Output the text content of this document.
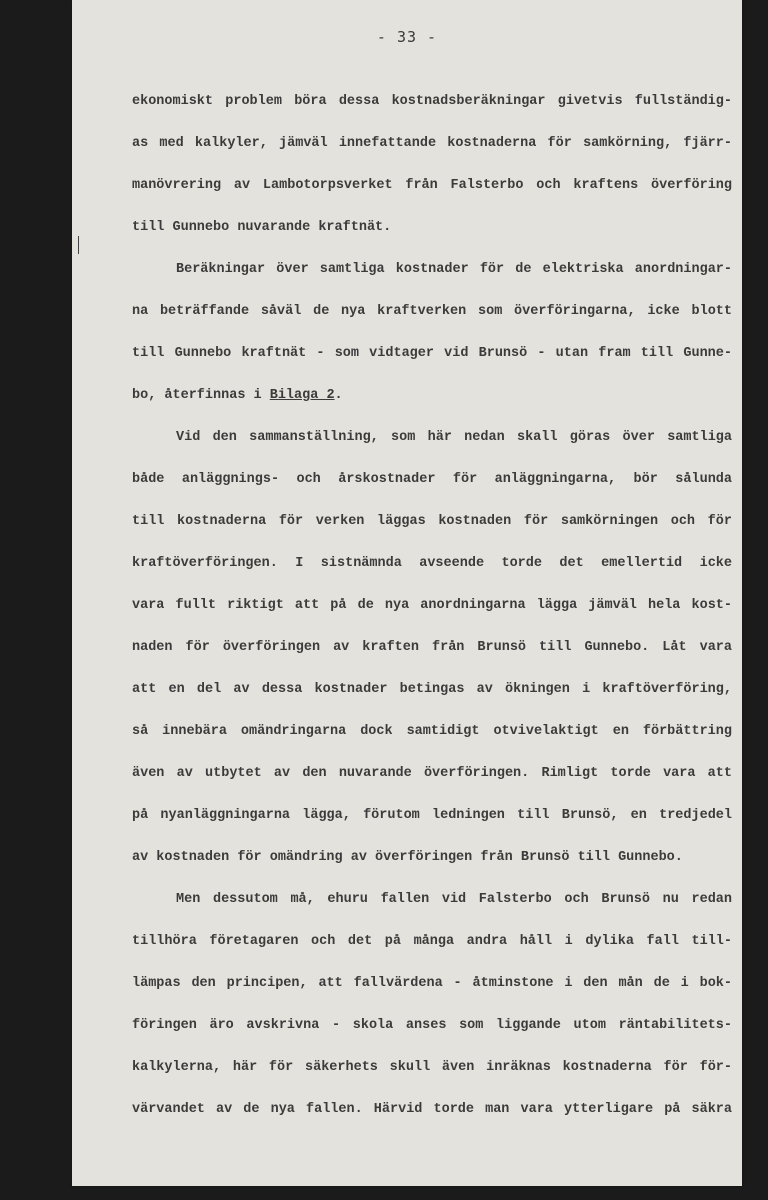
- 33 -
ekonomiskt problem böra dessa kostnadsberäkningar givetvis fullständig-
as med kalkyler, jämväl innefattande kostnaderna för samkörning, fjärr-
manövrering av Lambotorpsverket från Falsterbo och kraftens överföring
till Gunnebo nuvarande kraftnät.
Beräkningar över samtliga kostnader för de elektriska anordningar-
na beträffande såväl de nya kraftverken som överföringarna, icke blott
till Gunnebo kraftnät - som vidtager vid Brunsö - utan fram till Gunne-
bo, återfinnas i Bilaga 2.
Vid den sammanställning, som här nedan skall göras över samtliga
både anläggnings- och årskostnader för anläggningarna, bör sålunda
till kostnaderna för verken läggas kostnaden för samkörningen och för
kraftöverföringen. I sistnämnda avseende torde det emellertid icke
vara fullt riktigt att på de nya anordningarna lägga jämväl hela kost-
naden för överföringen av kraften från Brunsö till Gunnebo. Låt vara
att en del av dessa kostnader betingas av ökningen i kraftöverföring,
så innebära omändringarna dock samtidigt otvivelaktigt en förbättring
även av utbytet av den nuvarande överföringen. Rimligt torde vara att
på nyanläggningarna lägga, förutom ledningen till Brunsö, en tredjedel
av kostnaden för omändring av överföringen från Brunsö till Gunnebo.
Men dessutom må, ehuru fallen vid Falsterbo och Brunsö nu redan
tillhöra företagaren och det på många andra håll i dylika fall till-
lämpas den principen, att fallvärdena - åtminstone i den mån de i bok-
föringen äro avskrivna - skola anses som liggande utom räntabilitets-
kalkylerna, här för säkerhets skull även inräknas kostnaderna för för-
värvandet av de nya fallen. Härvid torde man vara ytterligare på säkra
